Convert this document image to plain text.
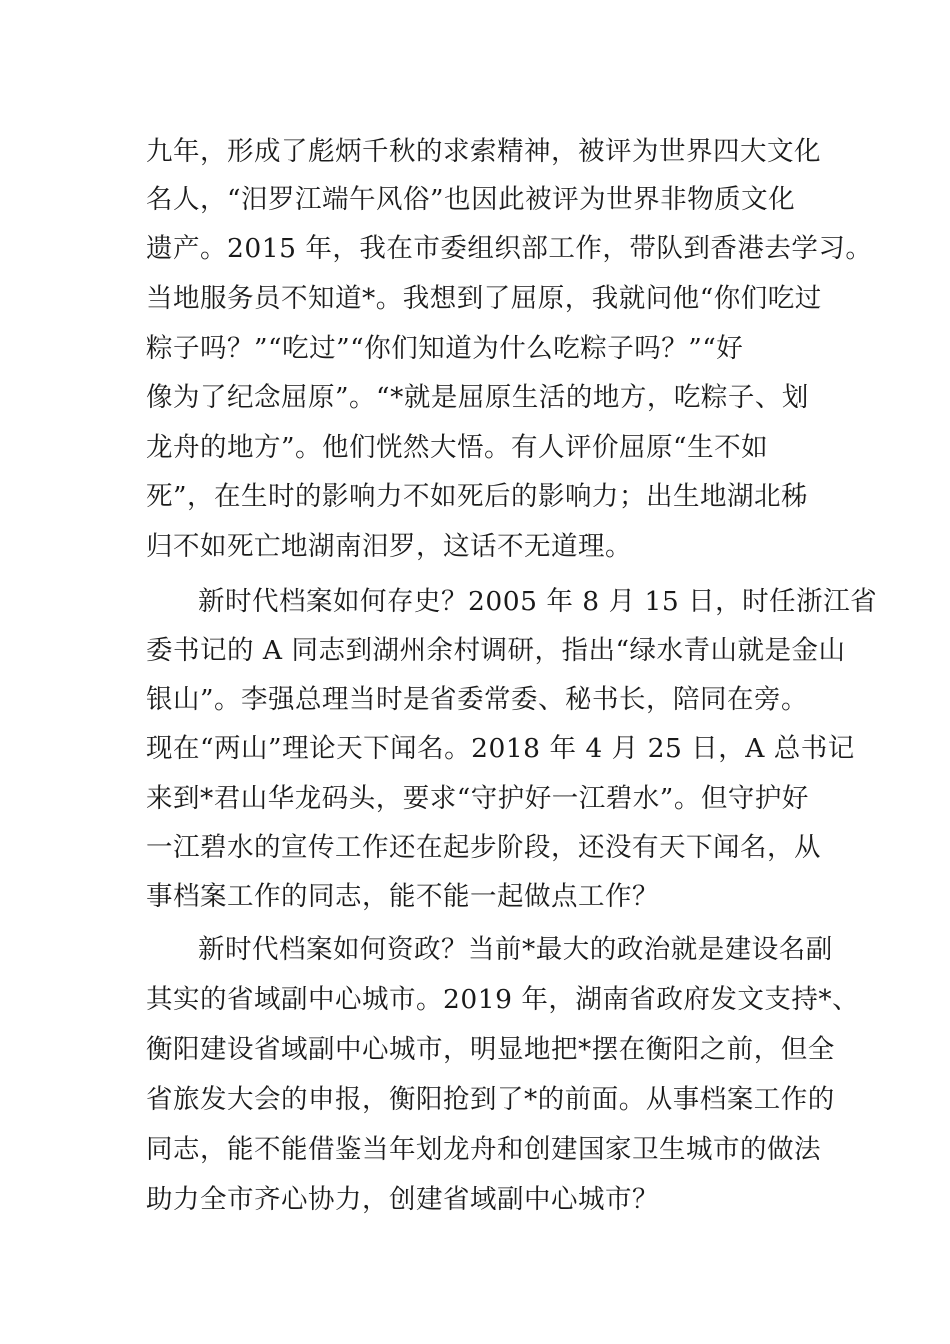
九年，形成了彪炳千秋的求索精神，被评为世界四大文化
名人，“汨罗江端午风俗”也因此被评为世界非物质文化
遗产。2015 年，我在市委组织部工作，带队到香港去学习。
当地服务员不知道*。我想到了屈原，我就问他“你们吃过
粽子吗？”“吃过”“你们知道为什么吃粽子吗？”“好
像为了纪念屈原”。“*就是屈原生活的地方，吃粽子、划
龙舟的地方”。他们恍然大悟。有人评价屈原“生不如
死”，在生时的影响力不如死后的影响力；出生地湖北秭
归不如死亡地湖南汨罗，这话不无道理。
新时代档案如何存史？2005 年 8 月 15 日，时任浙江省
委书记的 A 同志到湖州余村调研，指出“绿水青山就是金山
银山”。李强总理当时是省委常委、秘书长，陪同在旁。
现在“两山”理论天下闻名。2018 年 4 月 25 日，A 总书记
来到*君山华龙码头，要求“守护好一江碧水”。但守护好
一江碧水的宣传工作还在起步阶段，还没有天下闻名，从
事档案工作的同志，能不能一起做点工作？
新时代档案如何资政？当前*最大的政治就是建设名副
其实的省域副中心城市。2019 年，湖南省政府发文支持*、
衡阳建设省域副中心城市，明显地把*摆在衡阳之前，但全
省旅发大会的申报，衡阳抢到了*的前面。从事档案工作的
同志，能不能借鉴当年划龙舟和创建国家卫生城市的做法
助力全市齐心协力，创建省域副中心城市？
